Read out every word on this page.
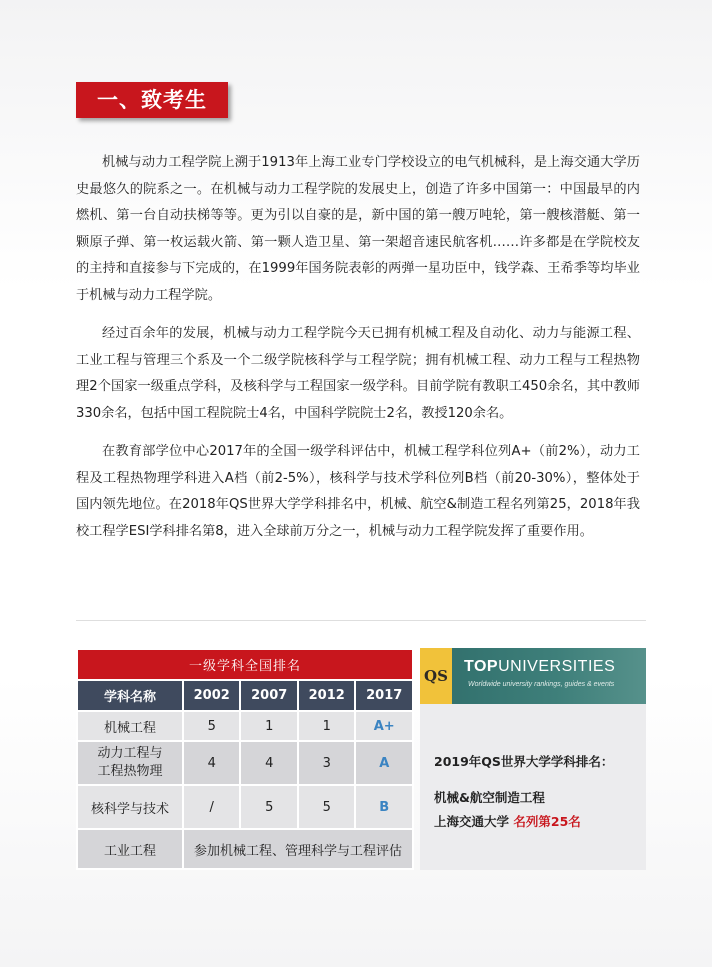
一、致考生

机械与动力工程学院上溯于1913年上海工业专门学校设立的电气机械科，是上海交通大学历史最悠久的院系之一。在机械与动力工程学院的发展史上，创造了许多中国第一：中国最早的内燃机、第一台自动扶梯等等。更为引以自豪的是，新中国的第一艘万吨轮，第一艘核潜艇、第一颗原子弹、第一枚运载火箭、第一颗人造卫星、第一架超音速民航客机……许多都是在学院校友的主持和直接参与下完成的，在1999年国务院表彰的两弹一星功臣中，钱学森、王希季等均毕业于机械与动力工程学院。

经过百余年的发展，机械与动力工程学院今天已拥有机械工程及自动化、动力与能源工程、工业工程与管理三个系及一个二级学院核科学与工程学院；拥有机械工程、动力工程与工程热物理2个国家一级重点学科，及核科学与工程国家一级学科。目前学院有教职工450余名，其中教师330余名，包括中国工程院院士4名，中国科学院院士2名，教授120余名。

在教育部学位中心2017年的全国一级学科评估中，机械工程学科位列A+（前2%），动力工程及工程热物理学科进入A档（前2-5%），核科学与技术学科位列B档（前20-30%），整体处于国内领先地位。在2018年QS世界大学学科排名中，机械、航空&制造工程名列第25，2018年我校工程学ESI学科排名第8，进入全球前万分之一，机械与动力工程学院发挥了重要作用。

一级学科全国排名				
学科名称	2002	2007	2012	2017
机械工程	5	1	1	A+
动力工程与
工程热物理	4	4	3	A
核科学与技术	/	5	5	B
工业工程	参加机械工程、管理科学与工程评估			
QS
TOPUNIVERSITIES
Worldwide university rankings, guides & events
2019年QS世界大学学科排名：
机械&航空制造工程
上海交通大学 名列第25名
